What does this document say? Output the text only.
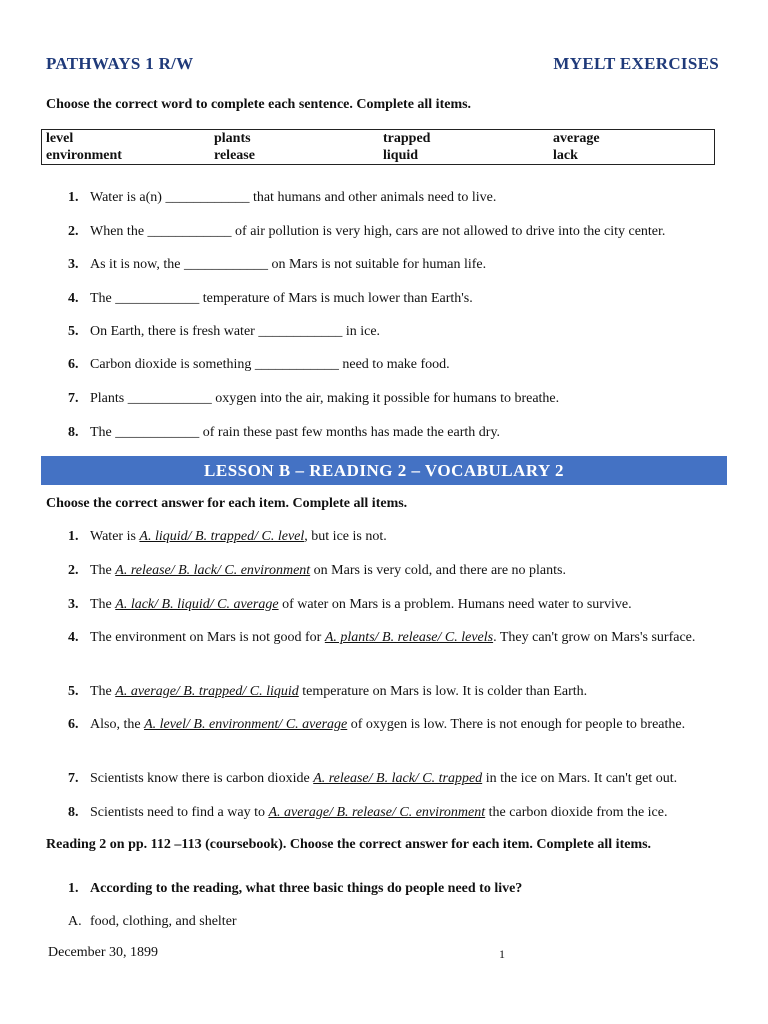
PATHWAYS 1 R/W	MYELT EXERCISES
Choose the correct word to complete each sentence. Complete all items.
level	plants	trapped	average
environment	release	liquid	lack
1. Water is a(n) ____________ that humans and other animals need to live.
2. When the ____________ of air pollution is very high, cars are not allowed to drive into the city center.
3. As it is now, the ____________ on Mars is not suitable for human life.
4. The ____________ temperature of Mars is much lower than Earth's.
5. On Earth, there is fresh water ____________ in ice.
6. Carbon dioxide is something ____________ need to make food.
7. Plants ____________ oxygen into the air, making it possible for humans to breathe.
8. The ____________ of rain these past few months has made the earth dry.
LESSON B – READING 2 – VOCABULARY 2
Choose the correct answer for each item. Complete all items.
1. Water is A. liquid/ B. trapped/ C. level, but ice is not.
2. The A. release/ B. lack/ C. environment on Mars is very cold, and there are no plants.
3. The A. lack/ B. liquid/ C. average of water on Mars is a problem. Humans need water to survive.
4. The environment on Mars is not good for A. plants/ B. release/ C. levels. They can't grow on Mars's surface.
5. The A. average/ B. trapped/ C. liquid temperature on Mars is low. It is colder than Earth.
6. Also, the A. level/ B. environment/ C. average of oxygen is low. There is not enough for people to breathe.
7. Scientists know there is carbon dioxide A. release/ B. lack/ C. trapped in the ice on Mars. It can't get out.
8. Scientists need to find a way to A. average/ B. release/ C. environment the carbon dioxide from the ice.
Reading 2 on pp. 112 –113 (coursebook). Choose the correct answer for each item. Complete all items.
1. According to the reading, what three basic things do people need to live?
A. food, clothing, and shelter
December 30, 1899	1
